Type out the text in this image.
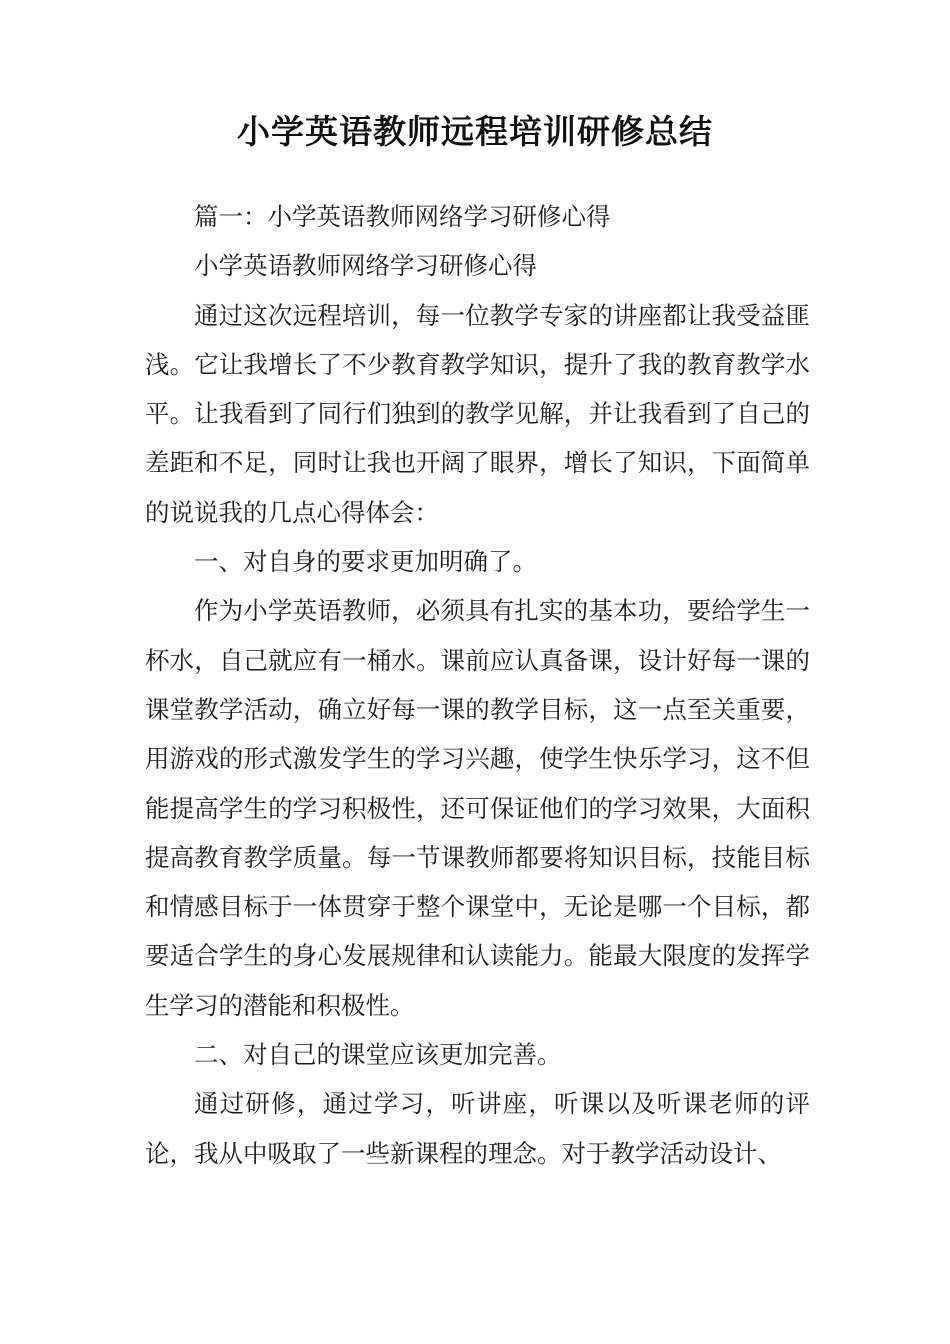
小学英语教师远程培训研修总结

篇一：小学英语教师网络学习研修心得

小学英语教师网络学习研修心得

通过这次远程培训，每一位教学专家的讲座都让我受益匪浅。它让我增长了不少教育教学知识，提升了我的教育教学水平。让我看到了同行们独到的教学见解，并让我看到了自己的差距和不足，同时让我也开阔了眼界，增长了知识，下面简单的说说我的几点心得体会：

一、对自身的要求更加明确了。

作为小学英语教师，必须具有扎实的基本功，要给学生一杯水，自己就应有一桶水。课前应认真备课，设计好每一课的课堂教学活动，确立好每一课的教学目标，这一点至关重要，用游戏的形式激发学生的学习兴趣，使学生快乐学习，这不但能提高学生的学习积极性，还可保证他们的学习效果，大面积提高教育教学质量。每一节课教师都要将知识目标，技能目标和情感目标于一体贯穿于整个课堂中，无论是哪一个目标，都要适合学生的身心发展规律和认读能力。能最大限度的发挥学生学习的潜能和积极性。

二、对自己的课堂应该更加完善。

通过研修，通过学习，听讲座，听课以及听课老师的评论，我从中吸取了一些新课程的理念。对于教学活动设计、
